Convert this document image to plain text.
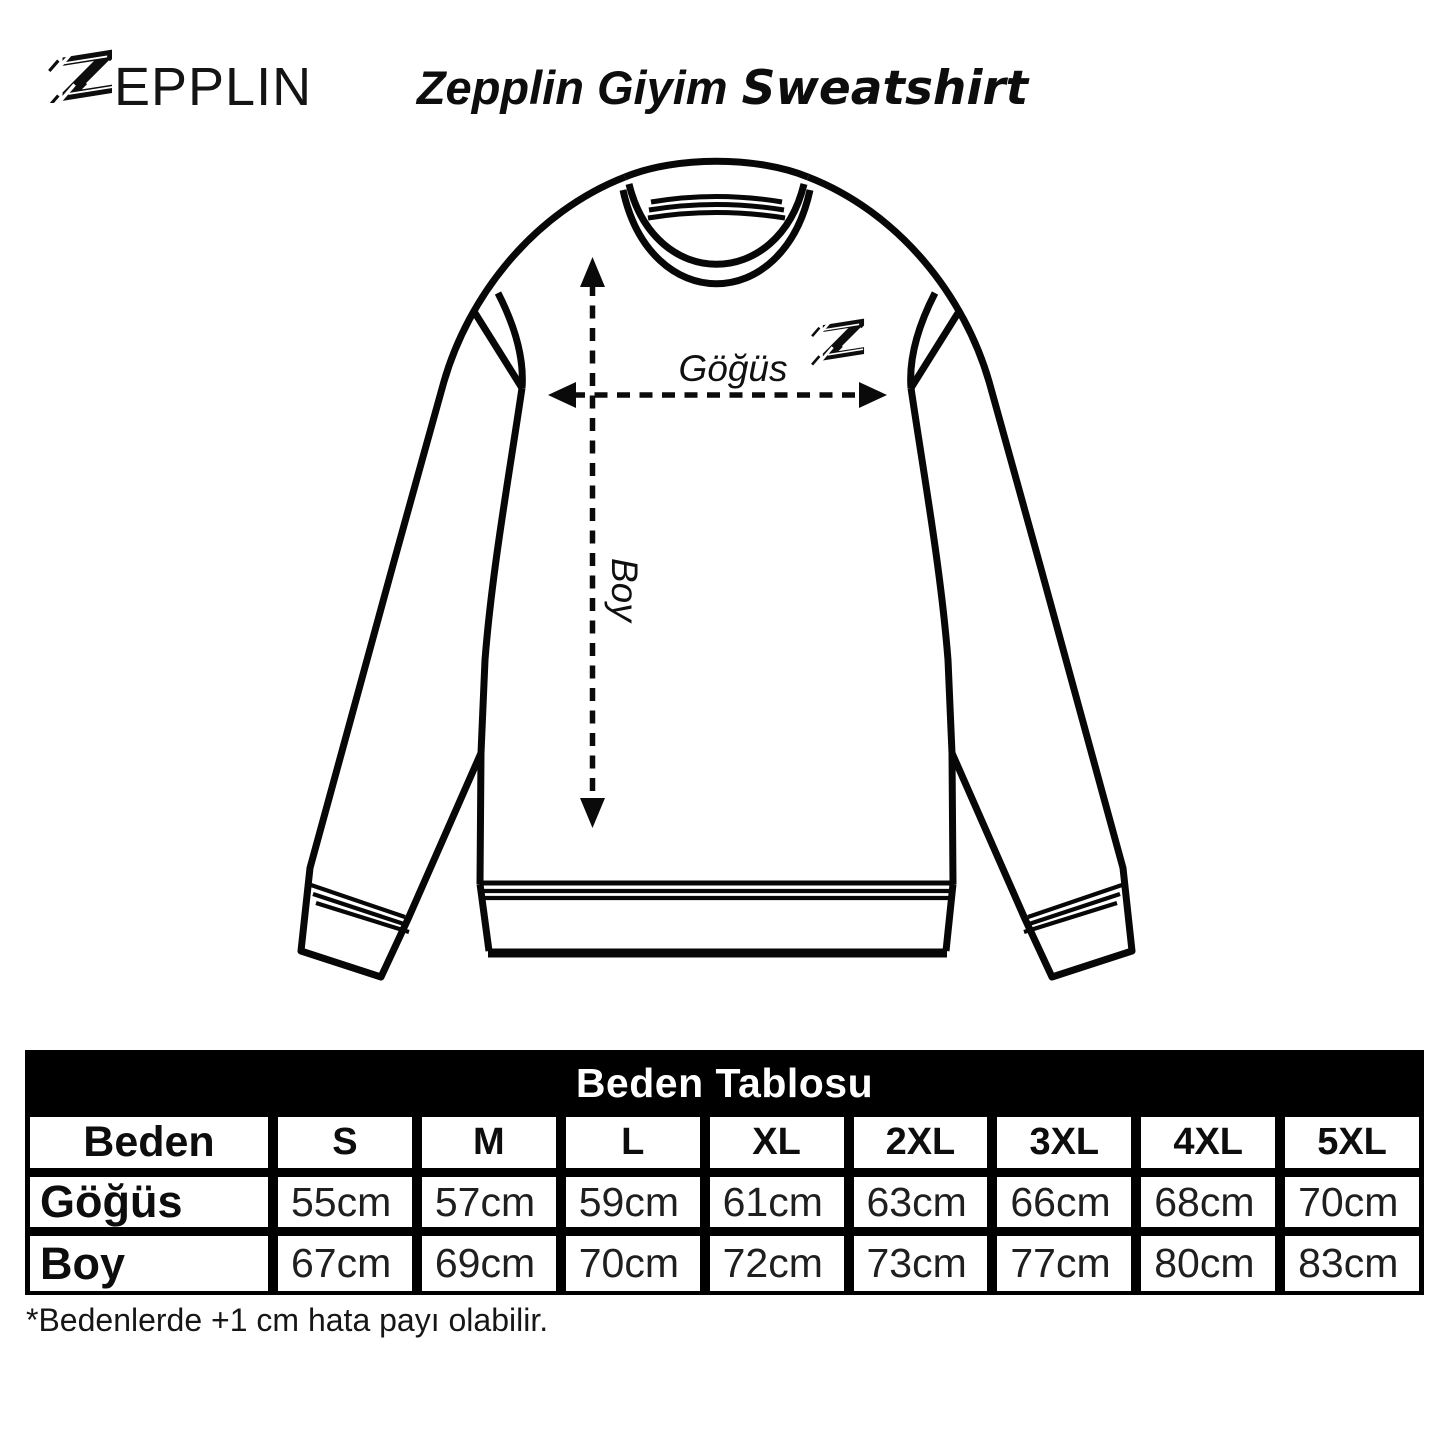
EPPLIN	Zepplin Giyim Sweatshirt
Göğüs
Boy
Beden Tablosu
Beden	S	M	L	XL	2XL	3XL	4XL	5XL
Göğüs	55cm	57cm	59cm	61cm	63cm	66cm	68cm	70cm
Boy	67cm	69cm	70cm	72cm	73cm	77cm	80cm	83cm
*Bedenlerde +1 cm hata payı olabilir.
